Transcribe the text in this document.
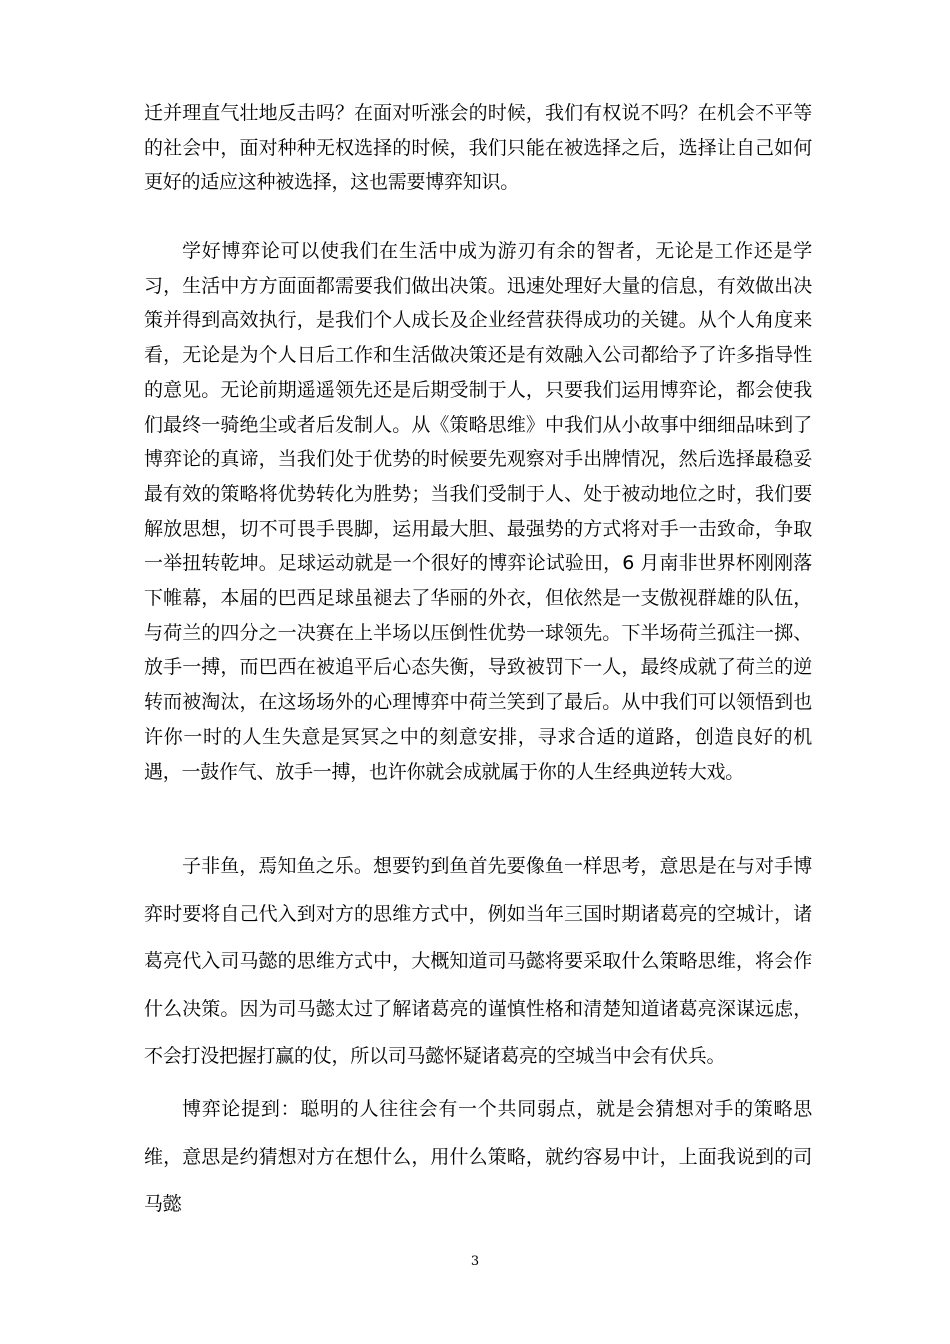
迁并理直气壮地反击吗？在面对听涨会的时候，我们有权说不吗？在机会不平等的社会中，面对种种无权选择的时候，我们只能在被选择之后，选择让自己如何更好的适应这种被选择，这也需要博弈知识。

学好博弈论可以使我们在生活中成为游刃有余的智者，无论是工作还是学习，生活中方方面面都需要我们做出决策。迅速处理好大量的信息，有效做出决策并得到高效执行，是我们个人成长及企业经营获得成功的关键。从个人角度来看，无论是为个人日后工作和生活做决策还是有效融入公司都给予了许多指导性的意见。无论前期遥遥领先还是后期受制于人，只要我们运用博弈论，都会使我们最终一骑绝尘或者后发制人。从《策略思维》中我们从小故事中细细品味到了博弈论的真谛，当我们处于优势的时候要先观察对手出牌情况，然后选择最稳妥最有效的策略将优势转化为胜势；当我们受制于人、处于被动地位之时，我们要解放思想，切不可畏手畏脚，运用最大胆、最强势的方式将对手一击致命，争取一举扭转乾坤。足球运动就是一个很好的博弈论试验田，6 月南非世界杯刚刚落下帷幕，本届的巴西足球虽褪去了华丽的外衣，但依然是一支傲视群雄的队伍，与荷兰的四分之一决赛在上半场以压倒性优势一球领先。下半场荷兰孤注一掷、放手一搏，而巴西在被追平后心态失衡，导致被罚下一人，最终成就了荷兰的逆转而被淘汰，在这场场外的心理博弈中荷兰笑到了最后。从中我们可以领悟到也许你一时的人生失意是冥冥之中的刻意安排，寻求合适的道路，创造良好的机遇，一鼓作气、放手一搏，也许你就会成就属于你的人生经典逆转大戏。

子非鱼，焉知鱼之乐。想要钓到鱼首先要像鱼一样思考，意思是在与对手博弈时要将自己代入到对方的思维方式中，例如当年三国时期诸葛亮的空城计，诸葛亮代入司马懿的思维方式中，大概知道司马懿将要采取什么策略思维，将会作什么决策。因为司马懿太过了解诸葛亮的谨慎性格和清楚知道诸葛亮深谋远虑，不会打没把握打赢的仗，所以司马懿怀疑诸葛亮的空城当中会有伏兵。

博弈论提到：聪明的人往往会有一个共同弱点，就是会猜想对手的策略思维，意思是约猜想对方在想什么，用什么策略，就约容易中计，上面我说到的司马懿

3
